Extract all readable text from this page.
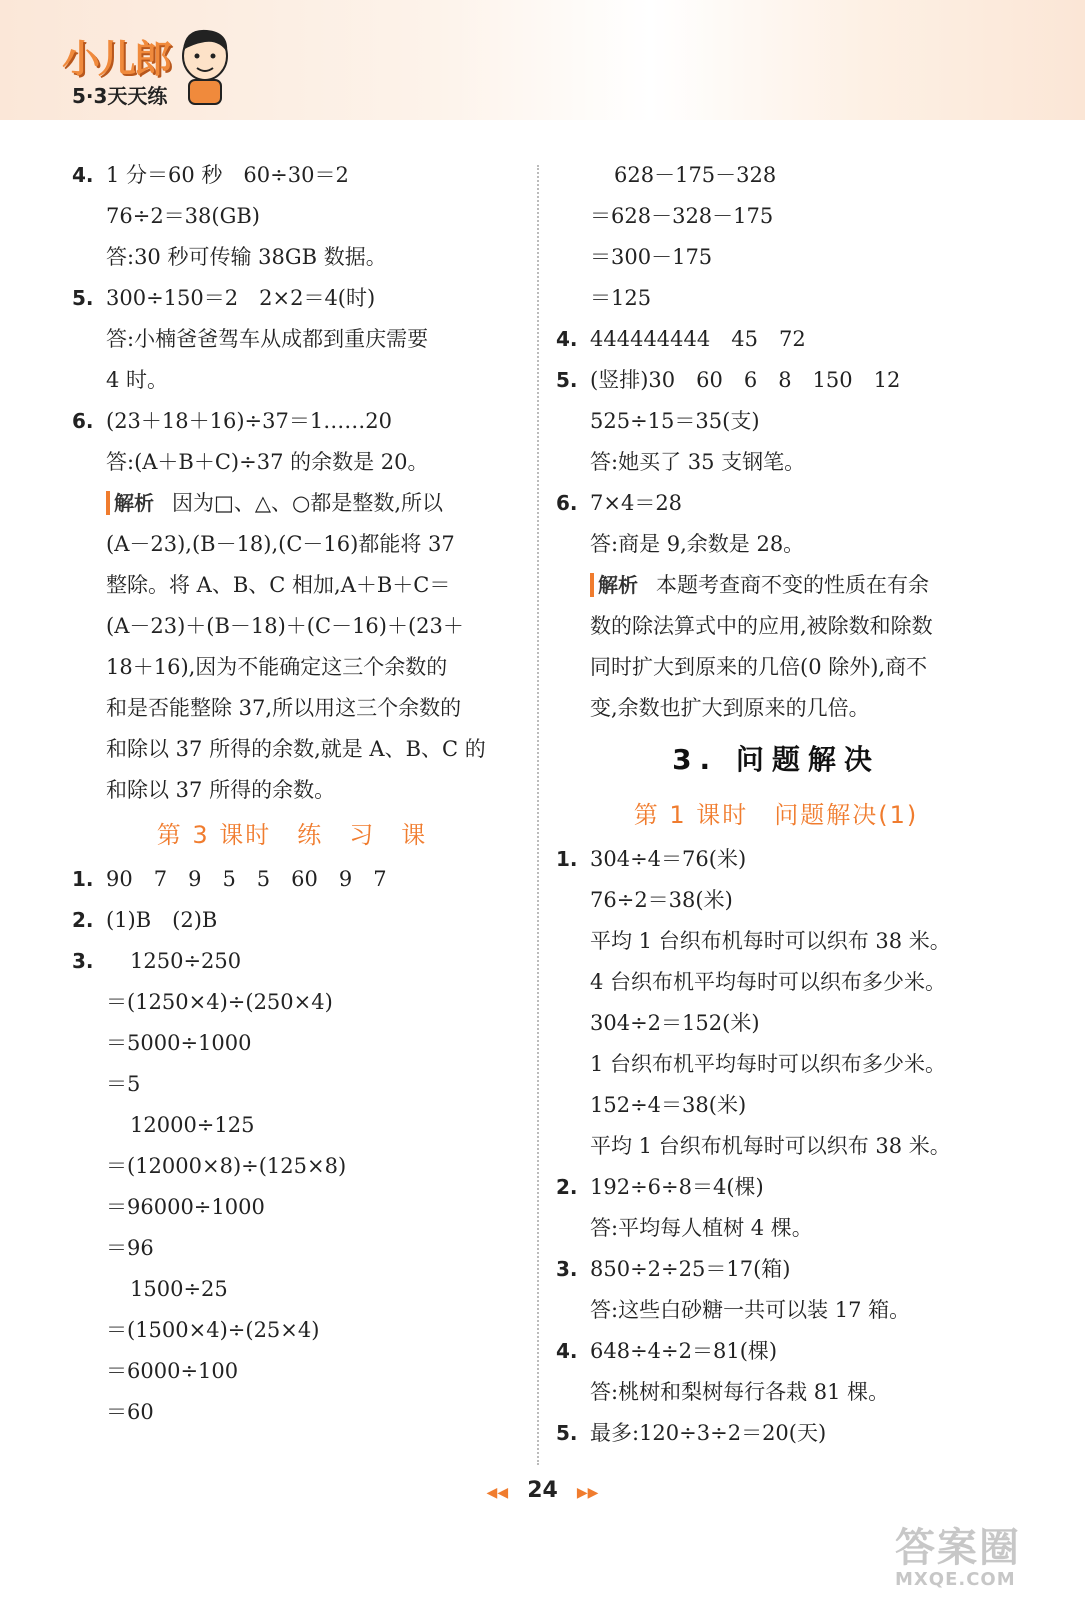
小儿郎
5·3天天练
4. 1 分＝60 秒　60÷30＝2
76÷2＝38(GB)
答:30 秒可传输 38GB 数据。
5. 300÷150＝2　2×2＝4(时)
答:小楠爸爸驾车从成都到重庆需要
4 时。
6. (23＋18＋16)÷37＝1……20
答:(A＋B＋C)÷37 的余数是 20。
解析 因为□、△、○都是整数,所以
(A－23),(B－18),(C－16)都能将 37
整除。将 A、B、C 相加,A＋B＋C＝
(A－23)＋(B－18)＋(C－16)＋(23＋
18＋16),因为不能确定这三个余数的
和是否能整除 37,所以用这三个余数的
和除以 37 所得的余数,就是 A、B、C 的
和除以 37 所得的余数。
第 3 课时　练　习　课
1. 90　7　9　5　5　60　9　7
2. (1)B　(2)B
3. 1250÷250
＝(1250×4)÷(250×4)
＝5000÷1000
＝5
12000÷125
＝(12000×8)÷(125×8)
＝96000÷1000
＝96
1500÷25
＝(1500×4)÷(25×4)
＝6000÷100
＝60
628－175－328
＝628－328－175
＝300－175
＝125
4. 444444444　45　72
5. (竖排)30　60　6　8　150　12
525÷15＝35(支)
答:她买了 35 支钢笔。
6. 7×4＝28
答:商是 9,余数是 28。
解析 本题考查商不变的性质在有余
数的除法算式中的应用,被除数和除数
同时扩大到原来的几倍(0 除外),商不
变,余数也扩大到原来的几倍。
3. 问题解决
第 1 课时　问题解决(1)
1. 304÷4＝76(米)
76÷2＝38(米)
平均 1 台织布机每时可以织布 38 米。
4 台织布机平均每时可以织布多少米。
304÷2＝152(米)
1 台织布机平均每时可以织布多少米。
152÷4＝38(米)
平均 1 台织布机每时可以织布 38 米。
2. 192÷6÷8＝4(棵)
答:平均每人植树 4 棵。
3. 850÷2÷25＝17(箱)
答:这些白砂糖一共可以装 17 箱。
4. 648÷4÷2＝81(棵)
答:桃树和梨树每行各栽 81 棵。
5. 最多:120÷3÷2＝20(天)
◀◀ 24 ▶▶
答案圈
MXQE.COM
